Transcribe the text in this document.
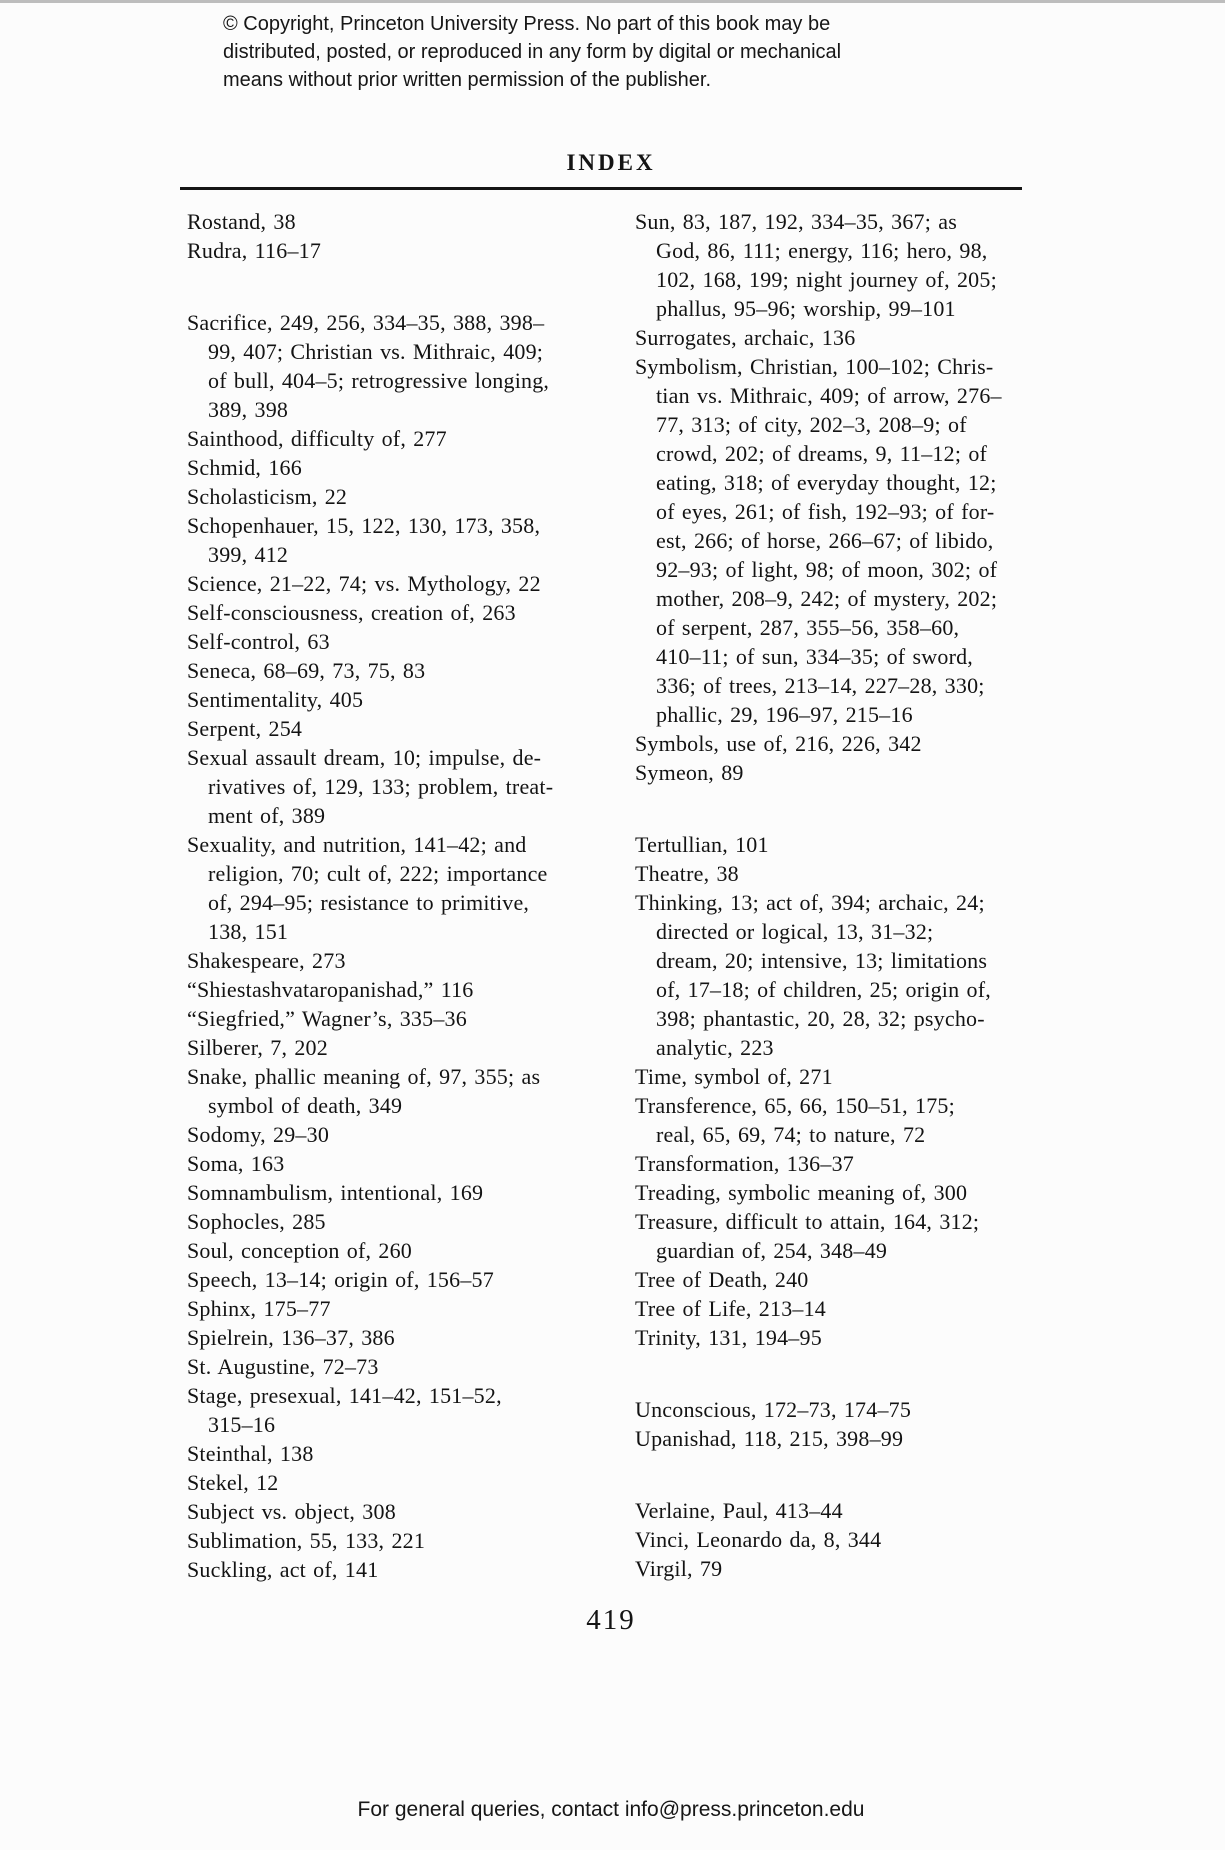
© Copyright, Princeton University Press. No part of this book may be
distributed, posted, or reproduced in any form by digital or mechanical
means without prior written permission of the publisher.
INDEX
Rostand, 38
Rudra, 116–17
Sacrifice, 249, 256, 334–35, 388, 398–
99, 407; Christian vs. Mithraic, 409;
of bull, 404–5; retrogressive longing,
389, 398
Sainthood, difficulty of, 277
Schmid, 166
Scholasticism, 22
Schopenhauer, 15, 122, 130, 173, 358,
399, 412
Science, 21–22, 74; vs. Mythology, 22
Self-consciousness, creation of, 263
Self-control, 63
Seneca, 68–69, 73, 75, 83
Sentimentality, 405
Serpent, 254
Sexual assault dream, 10; impulse, de-
rivatives of, 129, 133; problem, treat-
ment of, 389
Sexuality, and nutrition, 141–42; and
religion, 70; cult of, 222; importance
of, 294–95; resistance to primitive,
138, 151
Shakespeare, 273
“Shiestashvataropanishad,” 116
“Siegfried,” Wagner’s, 335–36
Silberer, 7, 202
Snake, phallic meaning of, 97, 355; as
symbol of death, 349
Sodomy, 29–30
Soma, 163
Somnambulism, intentional, 169
Sophocles, 285
Soul, conception of, 260
Speech, 13–14; origin of, 156–57
Sphinx, 175–77
Spielrein, 136–37, 386
St. Augustine, 72–73
Stage, presexual, 141–42, 151–52,
315–16
Steinthal, 138
Stekel, 12
Subject vs. object, 308
Sublimation, 55, 133, 221
Suckling, act of, 141
Sun, 83, 187, 192, 334–35, 367; as
God, 86, 111; energy, 116; hero, 98,
102, 168, 199; night journey of, 205;
phallus, 95–96; worship, 99–101
Surrogates, archaic, 136
Symbolism, Christian, 100–102; Chris-
tian vs. Mithraic, 409; of arrow, 276–
77, 313; of city, 202–3, 208–9; of
crowd, 202; of dreams, 9, 11–12; of
eating, 318; of everyday thought, 12;
of eyes, 261; of fish, 192–93; of for-
est, 266; of horse, 266–67; of libido,
92–93; of light, 98; of moon, 302; of
mother, 208–9, 242; of mystery, 202;
of serpent, 287, 355–56, 358–60,
410–11; of sun, 334–35; of sword,
336; of trees, 213–14, 227–28, 330;
phallic, 29, 196–97, 215–16
Symbols, use of, 216, 226, 342
Symeon, 89
Tertullian, 101
Theatre, 38
Thinking, 13; act of, 394; archaic, 24;
directed or logical, 13, 31–32;
dream, 20; intensive, 13; limitations
of, 17–18; of children, 25; origin of,
398; phantastic, 20, 28, 32; psycho-
analytic, 223
Time, symbol of, 271
Transference, 65, 66, 150–51, 175;
real, 65, 69, 74; to nature, 72
Transformation, 136–37
Treading, symbolic meaning of, 300
Treasure, difficult to attain, 164, 312;
guardian of, 254, 348–49
Tree of Death, 240
Tree of Life, 213–14
Trinity, 131, 194–95
Unconscious, 172–73, 174–75
Upanishad, 118, 215, 398–99
Verlaine, Paul, 413–44
Vinci, Leonardo da, 8, 344
Virgil, 79
419
For general queries, contact info@press.princeton.edu
